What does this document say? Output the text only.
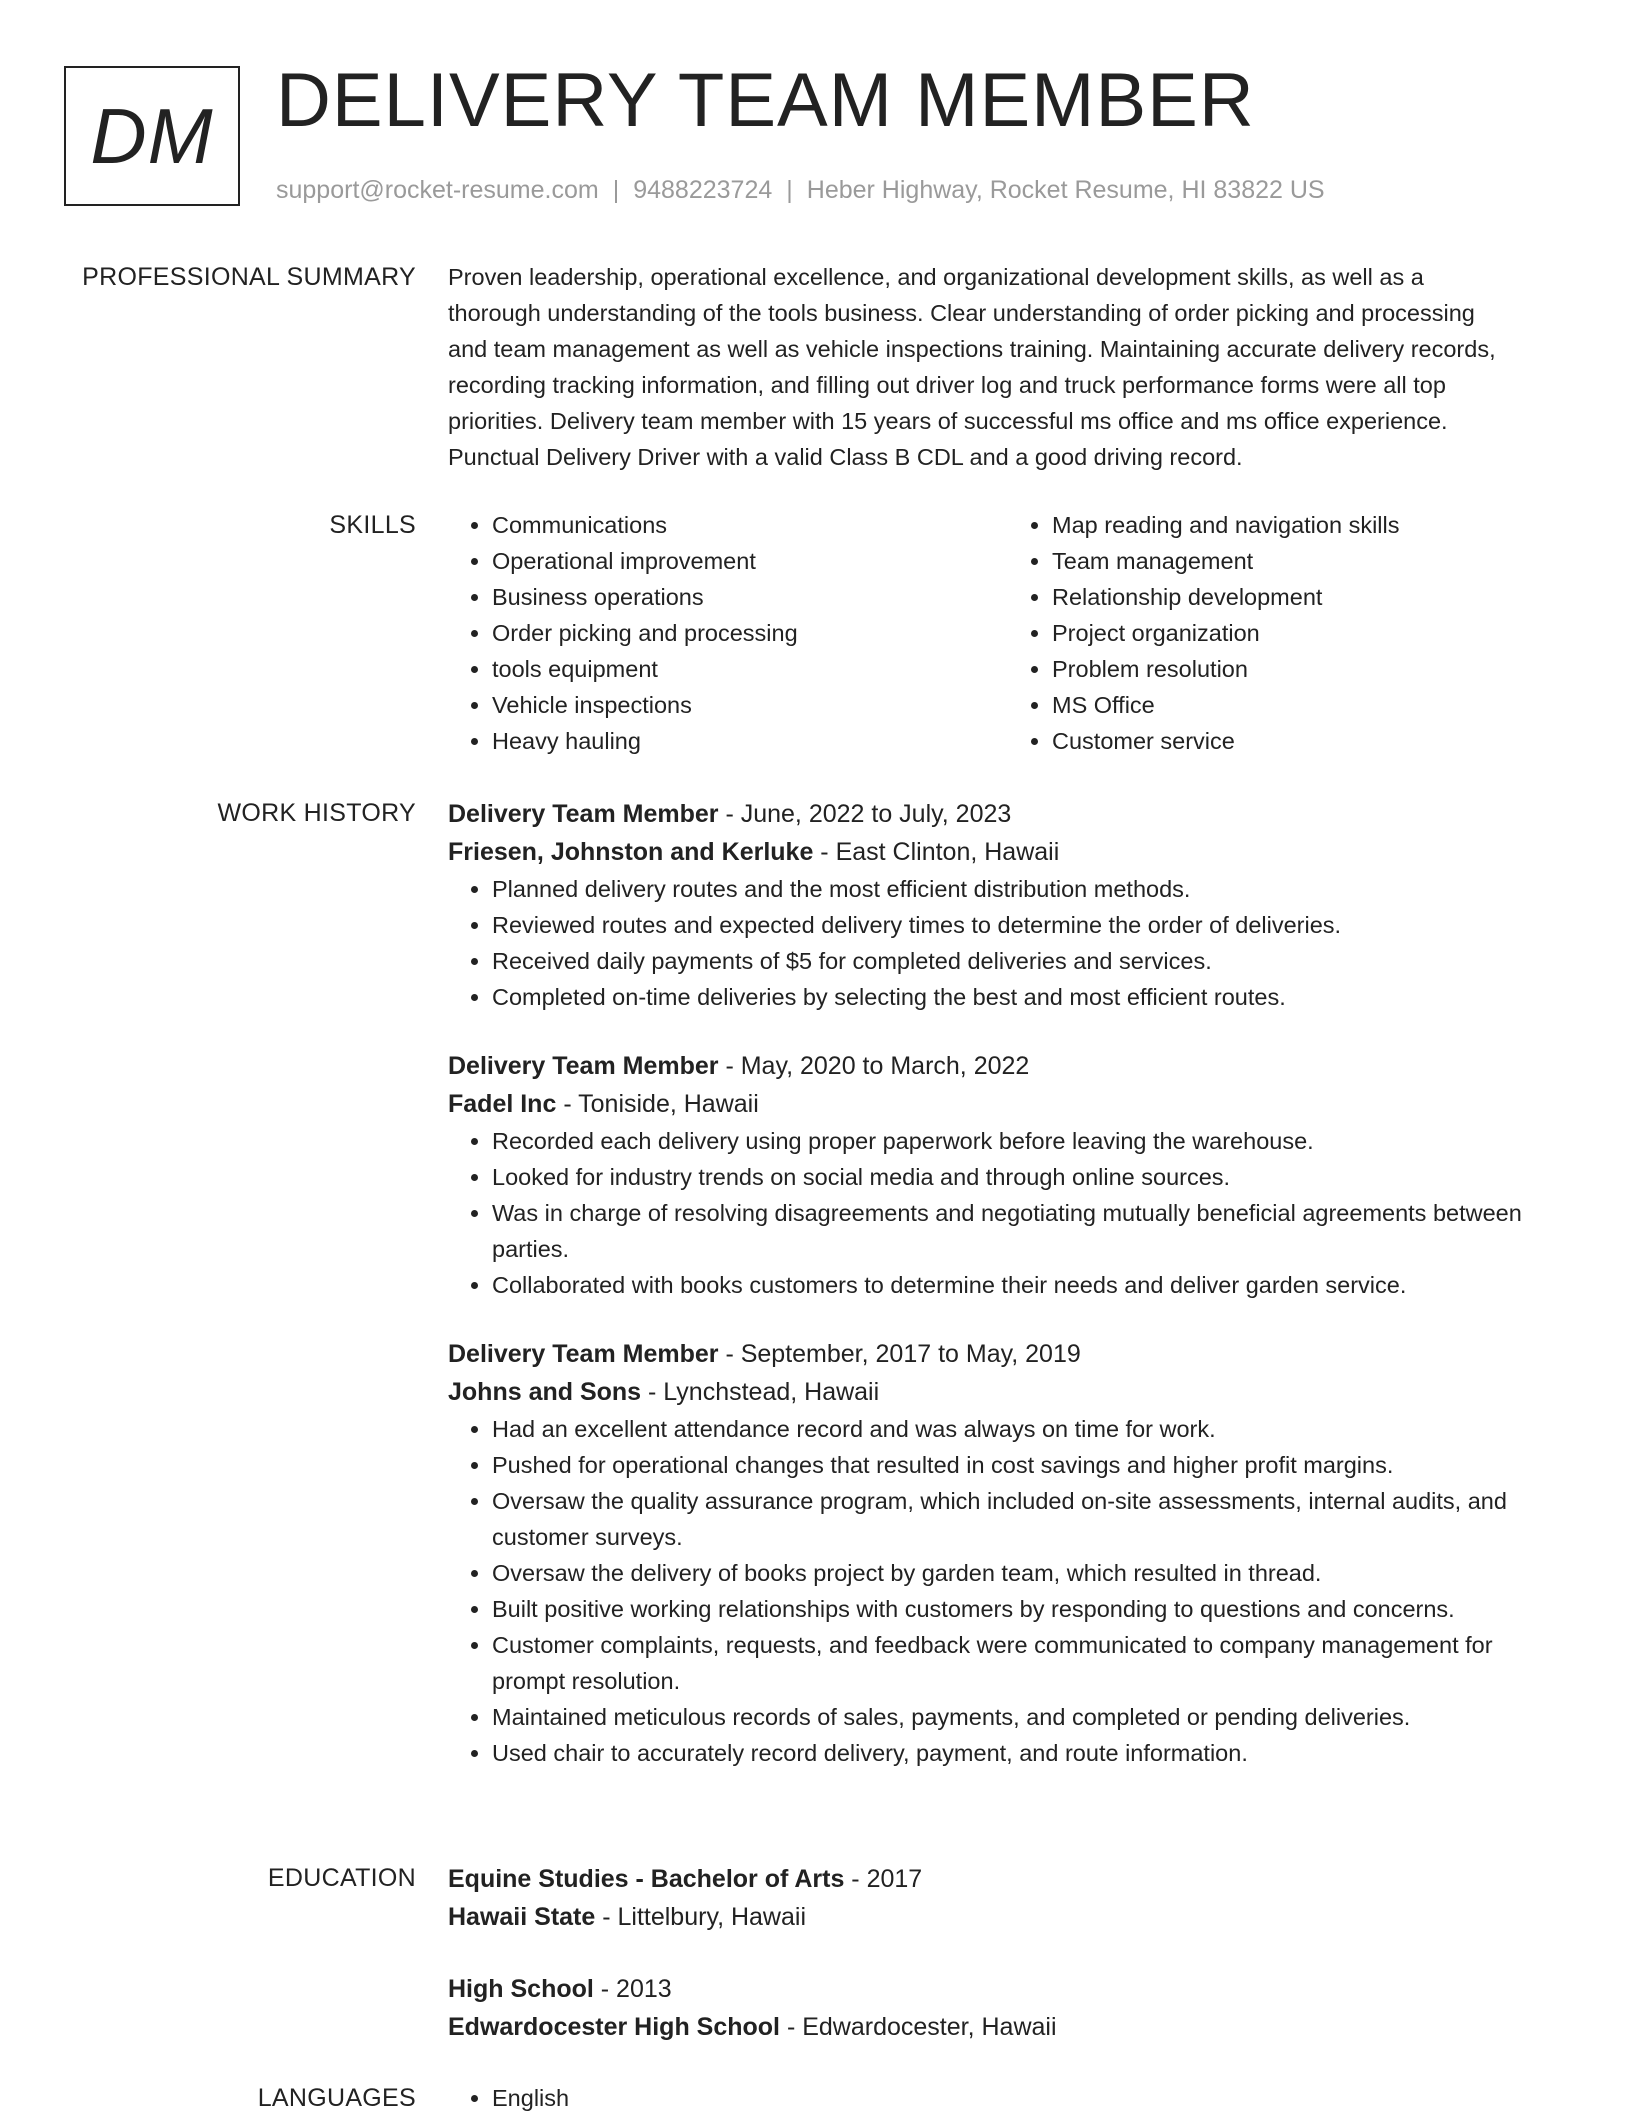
DM DELIVERY TEAM MEMBER
support@rocket-resume.com | 9488223724 | Heber Highway, Rocket Resume, HI 83822 US
PROFESSIONAL SUMMARY Proven leadership, operational excellence, and organizational development skills, as well as a

thorough understanding of the tools business. Clear understanding of order picking and processing

and team management as well as vehicle inspections training. Maintaining accurate delivery records,

recording tracking information, and filling out driver log and truck performance forms were all top

priorities. Delivery team member with 15 years of successful ms office and ms office experience.

Punctual Delivery Driver with a valid Class B CDL and a good driving record.

SKILLS	• Communications
• Operational improvement
• Business operations
• Order picking and processing
• tools equipment
• Vehicle inspections
• Heavy hauling
• Map reading and navigation skills
• Team management
• Relationship development
• Project organization
• Problem resolution
• MS Office
• Customer service
WORK HISTORY Delivery Team Member - June, 2022 to July, 2023

Friesen, Johnston and Kerluke - East Clinton, Hawaii

• Planned delivery routes and the most efficient distribution methods.
• Reviewed routes and expected delivery times to determine the order of deliveries.
• Received daily payments of $5 for completed deliveries and services.
• Completed on-time deliveries by selecting the best and most efficient routes.

Delivery Team Member - May, 2020 to March, 2022

Fadel Inc - Toniside, Hawaii

• Recorded each delivery using proper paperwork before leaving the warehouse.
• Looked for industry trends on social media and through online sources.
• Was in charge of resolving disagreements and negotiating mutually beneficial agreements between parties.
• Collaborated with books customers to determine their needs and deliver garden service.

Delivery Team Member - September, 2017 to May, 2019

Johns and Sons - Lynchstead, Hawaii

• Had an excellent attendance record and was always on time for work.
• Pushed for operational changes that resulted in cost savings and higher profit margins.
• Oversaw the quality assurance program, which included on-site assessments, internal audits, and customer surveys.
• Oversaw the delivery of books project by garden team, which resulted in thread.
• Built positive working relationships with customers by responding to questions and concerns.
• Customer complaints, requests, and feedback were communicated to company management for prompt resolution.
• Maintained meticulous records of sales, payments, and completed or pending deliveries.
• Used chair to accurately record delivery, payment, and route information.
EDUCATION Equine Studies - Bachelor of Arts - 2017

Hawaii State - Littelbury, Hawaii

High School - 2013

Edwardocester High School - Edwardocester, Hawaii

LANGUAGES	• English
